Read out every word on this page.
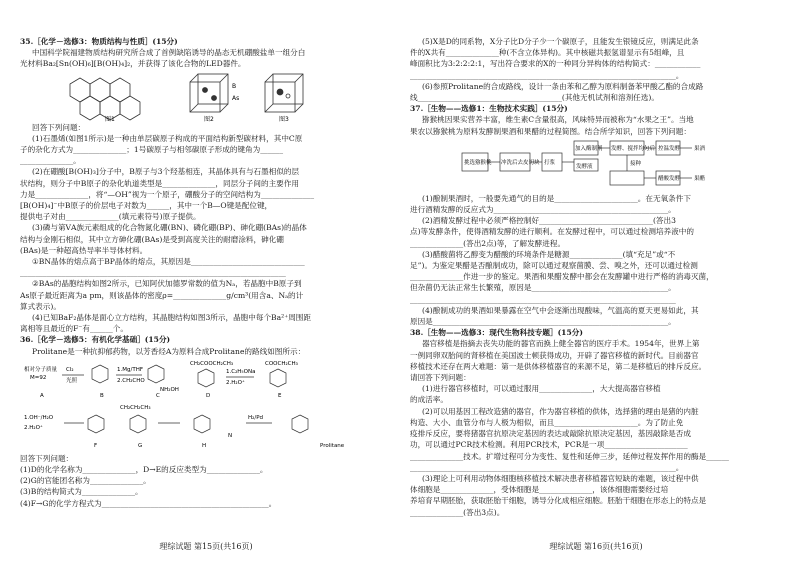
35.［化学－选修3：物质结构与性质］(15分)
中国科学院福建物质结构研究所合成了首例缺陷诱导的晶态无机硼酸盐单一组分白
光材料Ba₂[Sn(OH)₆][B(OH)₄]₂，并获得了该化合物的LED器件。
图1
B
As
图2	图3
回答下列问题：
(1)石墨烯(如图1所示)是一种由单层碳原子构成的平面结构新型碳材料，其中C原
子的杂化方式为______________；1号碳原子与相邻碳原子形成的键角为______
______________。
(2)在硼酸[B(OH)₃]分子中，B原子与3个羟基相连，其晶体具有与石墨相似的层
状结构，则分子中B原子的杂化轨道类型是______________，同层分子间的主要作用
力是______________，将“—OH”视为一个原子，硼酸分子的空间结构为______________
[B(OH)₄]⁻中B原子的价层电子对数为______，其中一个B—O键是配位键，
提供电子对由______________(填元素符号)原子提供。
(3)磷与第ⅤA族元素组成的化合物氮化硼(BN)、磷化硼(BP)、砷化硼(BAs)的晶体
结构与金刚石相似，其中立方砷化硼(BAs)是受到高度关注的耐磨涂料，砷化硼
(BAs)是一种超高热导率半导体材料。
①BN晶体的熔点高于BP晶体的熔点，其原因是______________________________
______________________________________________________________________
②BAs的晶胞结构如图2所示，已知阿伏加德罗常数的值为Nₐ，若晶胞中B原子到
As原子最近距离为a pm，则该晶体的密度ρ=______________g/cm³(用含a、Nₐ的计
算式表示)。
(4)已知BaF₂晶体是面心立方结构，其晶胞结构如图3所示，晶胞中每个Ba²⁺周围距
离相等且最近的F⁻有______个。
36.［化学－选修5：有机化学基础］(15分)
Prolitane是一种抗抑郁药物，以芳香烃A为原料合成Prolitane的路线如图所示：
相对分子质量
M=92
Cl₂
光照
1.Mg/THF
2.CH₂CHO
NH₂OH
CH₂COOCH₂CH₃
1.C₂H₅ONa
2.H₂O⁺
COOCH₂CH₃
A	B	C	D	E
1.OH⁻/H₂O
2.H₂O⁺
CH₂CH₂CH₃
N
H₂/Pd
F	G	H	Prolitane
回答下列问题：
(1)D的化学名称为______________，D→E的反应类型为______________。
(2)G的官能团名称为______________。
(3)B的结构简式为______________。
(4)F→G的化学方程式为____________________________________________。
理综试题 第15页(共16页)
(5)X是D的同系物，X分子比D分子少一个碳原子，且能发生银镜反应，则满足此条
件的X共有______________种(不含立体异构)。其中核磁共振氢谱显示有5组峰，且
峰面积比为3:2:2:2:1，写出符合要求的X的一种同分异构体的结构简式：____________
______________________________________________________________________。
(6)参照Prolitane的合成路线，设计一条由苯和乙醇为原料制备苯甲酸乙酯的合成路
线______________________________________(其他无机试剂和溶剂任选)。
37.［生物——选修1：生物技术实践］(15分)
猕猴桃因果实营养丰富，维生素C含量很高，风味特异而被称为“水果之王”。当地
果农以猕猴桃为原料发酵制果酒和果醋的过程简图。结合所学知识，回答下列问题：
挑选猕猴桃 冲洗后去皮切块 打浆
加入酶制剂
发酵液
发酵、搅拌均匀后
接种
果酒
控温发酵
醋酸发酵	果醋
(1)酿制果酒时，一般要先通气的目的是______________________。在无氧条件下
进行酒精发酵的反应式为______________________________________________。
(2)酒精发酵过程中必须严格控制好______________________________(答出3
点)等发酵条件，使得酒精发酵的进行顺利。在发酵过程中，可以通过检测培养液中的
______________(答出2点)等，了解发酵进程。
(3)醋酸菌将乙醇变为醋酸的环境条件是糖源______________(填“充足”或“不
足”)。为鉴定果醋是否酿制成功，除可以通过观察菌膜、尝、嗅之外，还可以通过检测
______________作进一步的鉴定。果酒和果醋发酵中都会在发酵罐中进行严格的消毒灭菌，
但杂菌仍无法正常生长繁殖，原因是____________________________________。
______________________________________________________________________
(4)酿制成功的果酒如果暴露在空气中会逐渐出现酸味，气温高的夏天更易如此，其
原因是______________________________________________________________。
38.［生物——选修3：现代生物科技专题］(15分)
器官移植是指摘去丧失功能的器官而换上健全器官的医疗手术。1954年，世界上第
一例同卵双胎间的肾移植在美国波士顿获得成功，开辟了器官移植的新时代。目前器官
移植技术还存在两大难题：第一是供体移植器官的来源不足，第二是移植后的排斥反应。
请回答下列问题：
(1)进行器官移植时，可以通过服用______________，大大提高器官移植
的成活率。
(2)可以用基因工程改造猪的器官，作为器官移植的供体，选择猪的理由是猪的内脏
构造、大小、血管分布与人极为相似，而且______________________。为了防止免
疫排斥反应，要将猪器官抗原决定基因的表达或敲除抗原决定基因，基因敲除是否成
功，可以通过PCR技术检测。利用PCR技术，PCR是一项______________________
______________技术。扩增过程可分为变性、复性和延伸三步，延伸过程发挥作用的酶是______
______________________________________________________________________。
(3)理论上可利用动物体细胞核移植技术解决患者移植器官短缺的难题，该过程中供
体细胞是______________，受体细胞是______________，该体细胞需要经过培
养培育早期胚胎，获取胚胎干细胞，诱导分化成相应细胞。胚胎干细胞在形态上的特点是
______________(答出3点)。
理综试题 第16页(共16页)
